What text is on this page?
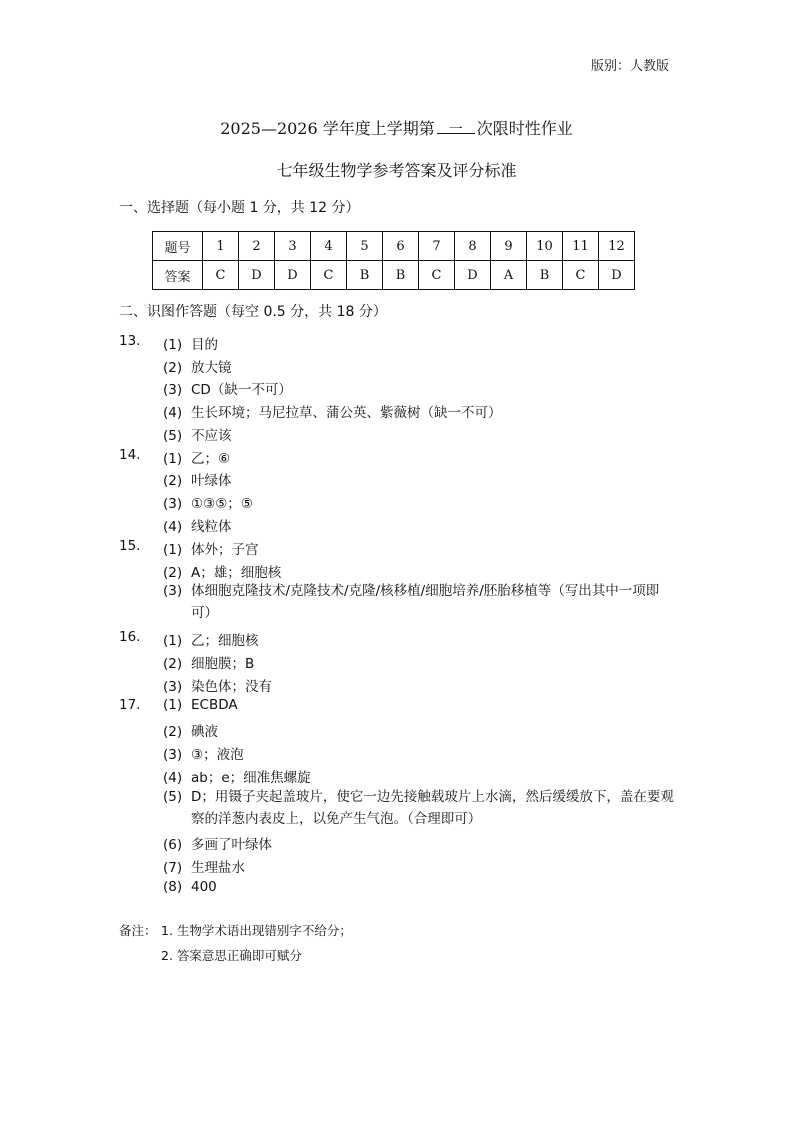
版别：人教版
2025—2026 学年度上学期第 一 次限时性作业
七年级生物学参考答案及评分标准
一、选择题（每小题 1 分，共 12 分）
题号	1	2	3	4	5	6	7	8	9	10	11	12
答案	C	D	D	C	B	B	C	D	A	B	C	D
二、识图作答题（每空 0.5 分，共 18 分）
13. (1) 目的
(2) 放大镜
(3) CD（缺一不可）
(4) 生长环境；马尼拉草、蒲公英、紫薇树（缺一不可）
(5) 不应该
14. (1) 乙；⑥
(2) 叶绿体
(3) ①③⑤；⑤
(4) 线粒体
15. (1) 体外；子宫
(2) A；雄；细胞核
(3) 体细胞克隆技术/克隆技术/克隆/核移植/细胞培养/胚胎移植等（写出其中一项即可）
16. (1) 乙；细胞核
(2) 细胞膜；B
(3) 染色体；没有
17. (1) ECBDA
(2) 碘液
(3) ③；液泡
(4) ab；e；细准焦螺旋
(5) D；用镊子夹起盖玻片，使它一边先接触载玻片上水滴，然后缓缓放下，盖在要观察的洋葱内表皮上，以免产生气泡。（合理即可）
(6) 多画了叶绿体
(7) 生理盐水
(8) 400
备注： 1. 生物学术语出现错别字不给分；
2. 答案意思正确即可赋分
